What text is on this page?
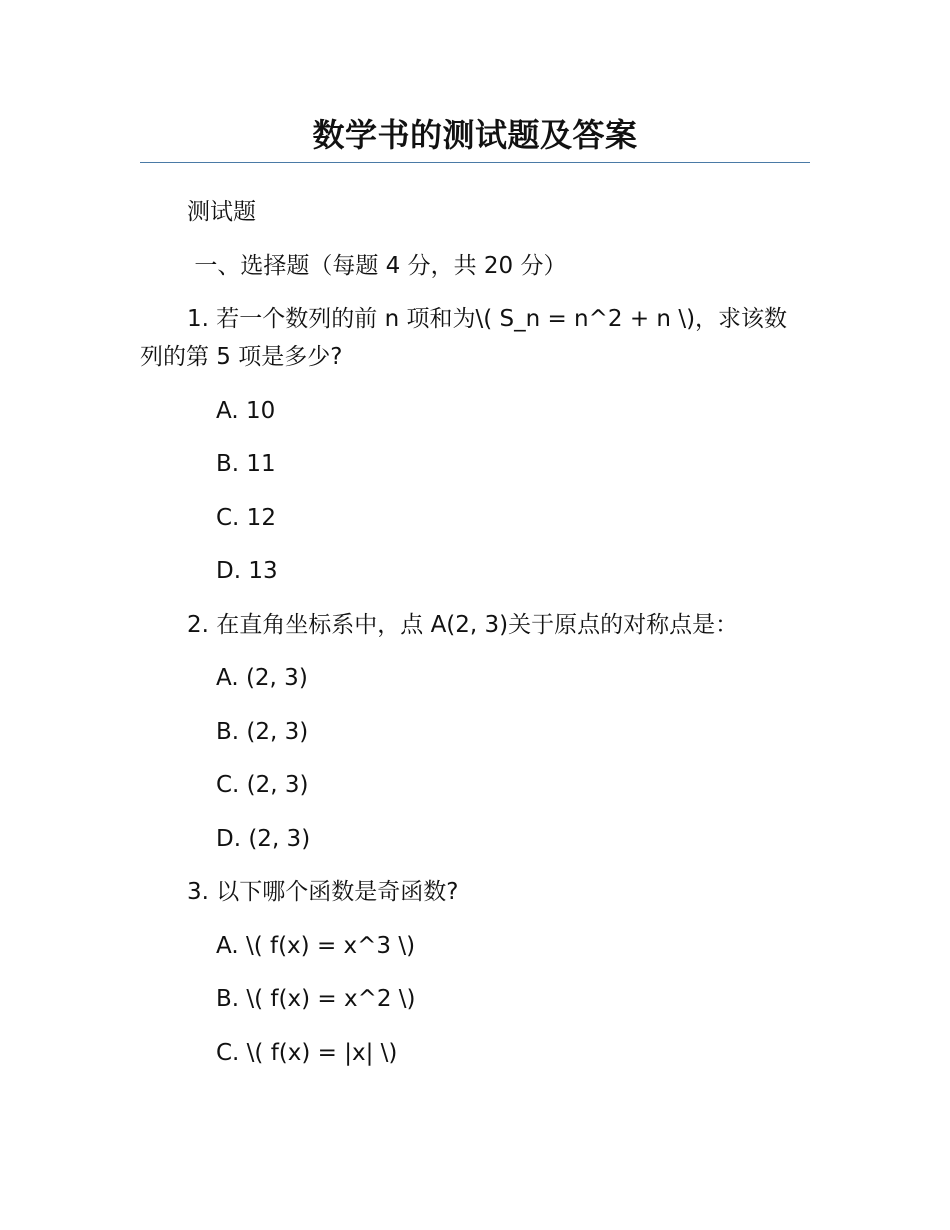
数学书的测试题及答案

测试题

一、选择题（每题 4 分，共 20 分）

1. 若一个数列的前 n 项和为\( S_n = n^2 + n \)，求该数列的第 5 项是多少?

A. 10

B. 11

C. 12

D. 13

2. 在直角坐标系中，点 A(2, 3)关于原点的对称点是：

A. (2, 3)

B. (2, 3)

C. (2, 3)

D. (2, 3)

3. 以下哪个函数是奇函数?

A. \( f(x) = x^3 \)

B. \( f(x) = x^2 \)

C. \( f(x) = |x| \)
